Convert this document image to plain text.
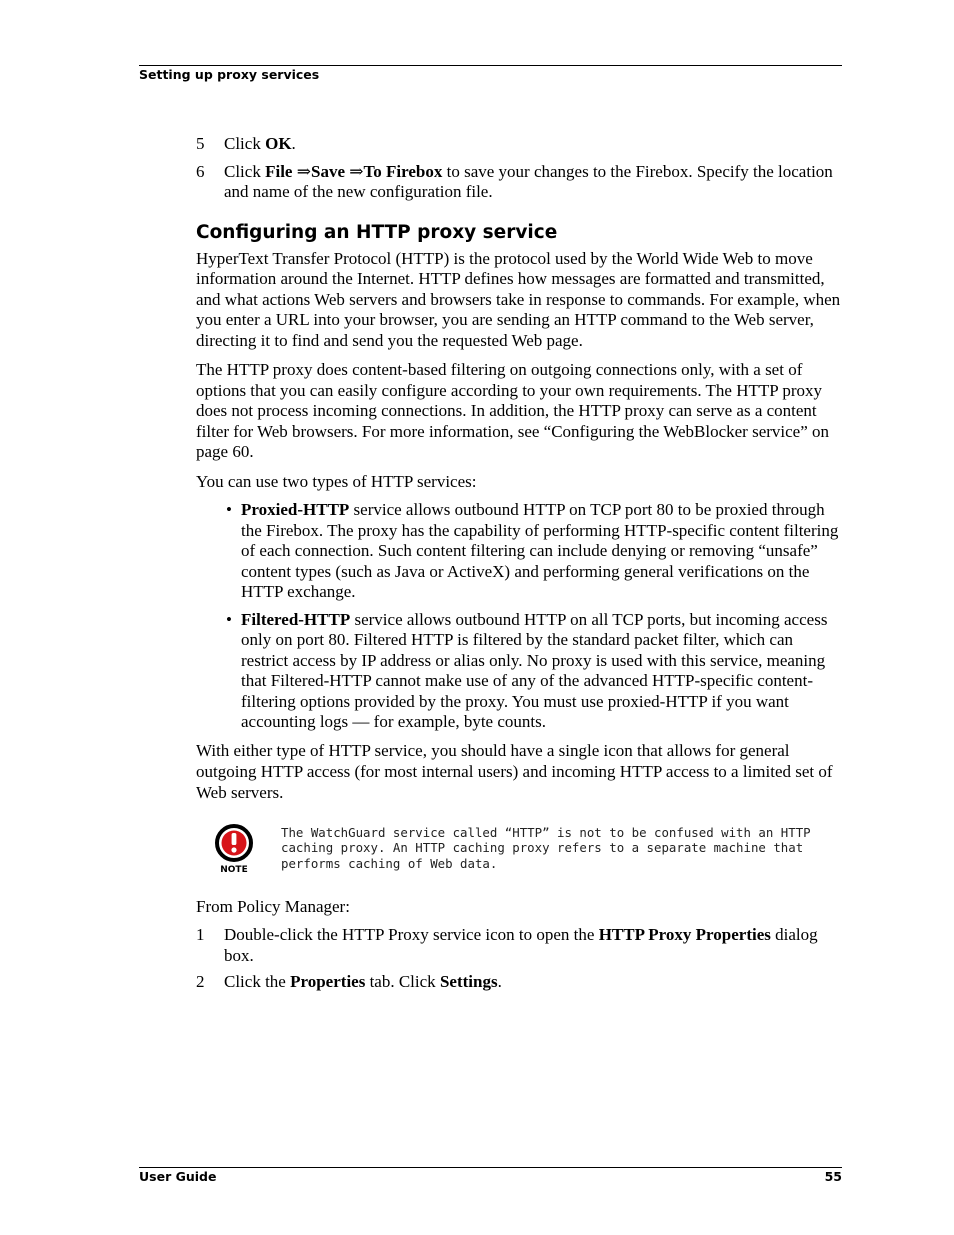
Setting up proxy services

5 Click OK.

6 Click File ⇒Save ⇒To Firebox to save your changes to the Firebox. Specify the location and name of the new configuration file.

Configuring an HTTP proxy service

HyperText Transfer Protocol (HTTP) is the protocol used by the World Wide Web to move information around the Internet. HTTP defines how messages are formatted and transmitted, and what actions Web servers and browsers take in response to commands. For example, when you enter a URL into your browser, you are sending an HTTP command to the Web server, directing it to find and send you the requested Web page.

The HTTP proxy does content-based filtering on outgoing connections only, with a set of options that you can easily configure according to your own requirements. The HTTP proxy does not process incoming connections. In addition, the HTTP proxy can serve as a content filter for Web browsers. For more information, see “Configuring the WebBlocker service” on page 60.

You can use two types of HTTP services:

• Proxied-HTTP service allows outbound HTTP on TCP port 80 to be proxied through the Firebox. The proxy has the capability of performing HTTP-specific content filtering of each connection. Such content filtering can include denying or removing “unsafe” content types (such as Java or ActiveX) and performing general verifications on the HTTP exchange.
• Filtered-HTTP service allows outbound HTTP on all TCP ports, but incoming access only on port 80. Filtered HTTP is filtered by the standard packet filter, which can restrict access by IP address or alias only. No proxy is used with this service, meaning that Filtered-HTTP cannot make use of any of the advanced HTTP-specific content-filtering options provided by the proxy. You must use proxied-HTTP if you want accounting logs — for example, byte counts.

With either type of HTTP service, you should have a single icon that allows for general outgoing HTTP access (for most internal users) and incoming HTTP access to a limited set of Web servers.

NOTE
The WatchGuard service called “HTTP” is not to be confused with an HTTP caching proxy. An HTTP caching proxy refers to a separate machine that performs caching of Web data.

From Policy Manager:

1 Double-click the HTTP Proxy service icon to open the HTTP Proxy Properties dialog box.

2 Click the Properties tab. Click Settings.

User Guide	55
